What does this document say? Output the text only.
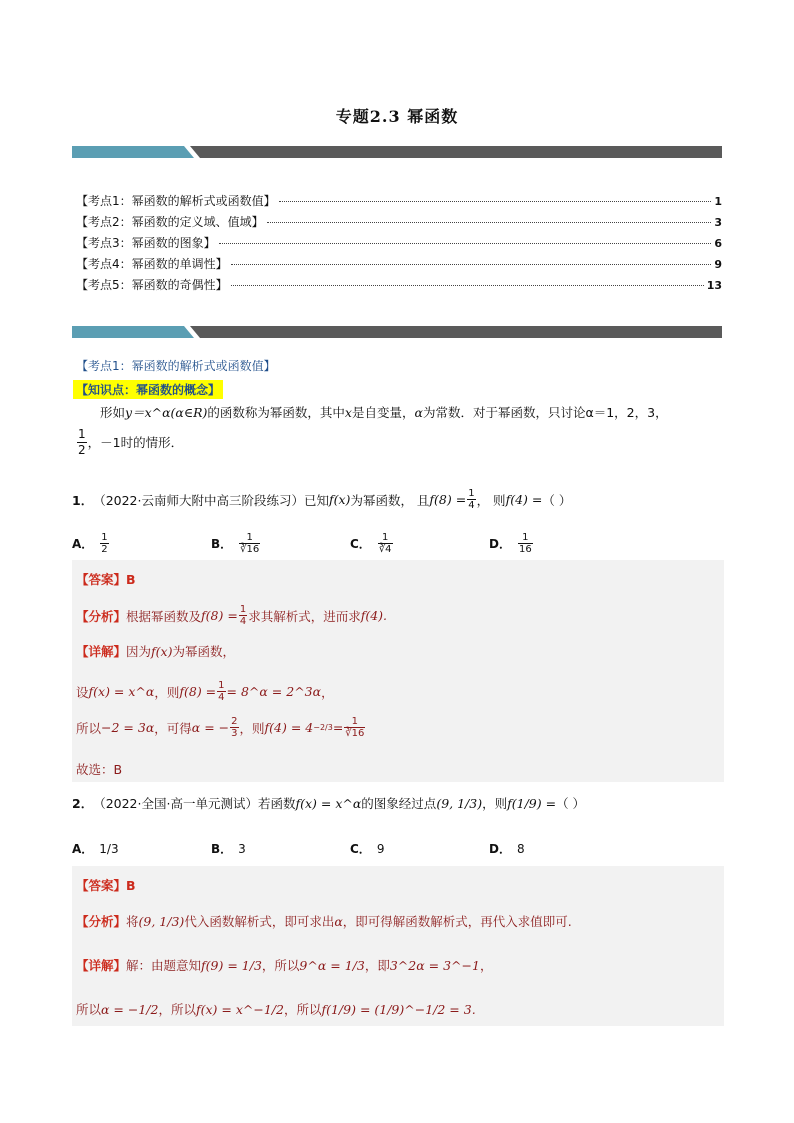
专题2.3 幂函数
【考点1：幂函数的解析式或函数值】	1
【考点2：幂函数的定义域、值域】	3
【考点3：幂函数的图象】	6
【考点4：幂函数的单调性】	9
【考点5：幂函数的奇偶性】	13
【考点1：幂函数的解析式或函数值】
【知识点：幂函数的概念】
形如y＝x^α(α∈R)的函数称为幂函数，其中x是自变量，α为常数．对于幂函数，只讨论α＝1，2，3，
$\frac{1}{2}$ ，－1时的情形．
1． （2022·云南师大附中高三阶段练习）已知 f(x) 为幂函数， 且 $f(8) = \frac{1}{4}$ ， 则 f(4) = （ ）
A． $\frac{1}{2}$	B． $\frac{1}{∛16}$	C． $\frac{1}{∛4}$	D． $\frac{1}{16}$
【答案】 B
【分析】 根据幂函数及 $f(8) = \frac{1}{4}$ 求其解析式，进而求 f(4).
【详解】 因为 f(x) 为幂函数，
设 f(x) = x^α ，则 $f(8) = \frac{1}{4}$ = 8^α = 2^3α ，
所以 −2 = 3α ，可得 α = − $\frac{2}{3}$ ，则 $f(4) = 4 -2/3 = \frac{1}{∛16}$
故选：B
2． （2022·全国·高一单元测试）若函数 f(x) = x^α 的图象经过点 (9, 1/3) ，则 f(1/9) = （ ）
A． 1/3	B． 3	C． 9	D． 8
【答案】 B
【分析】 将 (9, 1/3) 代入函数解析式，即可求出 α ，即可得解函数解析式，再代入求值即可.
【详解】 解：由题意知 f(9) = 1/3 ，所以 9^α = 1/3 ，即 3^2α = 3^−1 ，
所以 α = −1/2 ，所以 f(x) = x^−1/2 ，所以 f(1/9) = (1/9)^−1/2 = 3.
